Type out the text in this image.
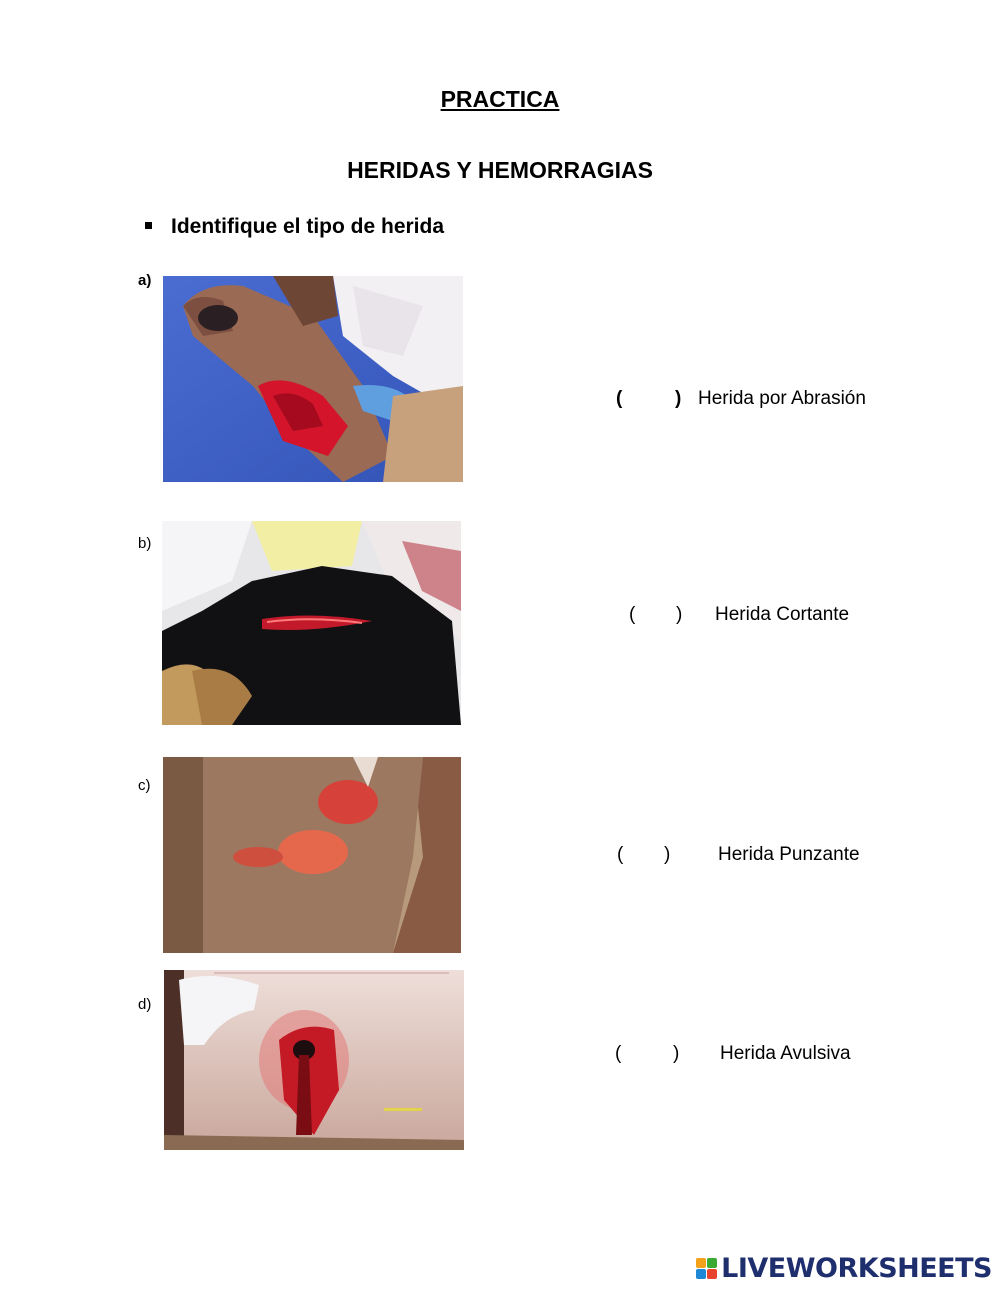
PRACTICA
HERIDAS Y HEMORRAGIAS
Identifique el tipo de herida
a)
(	) Herida por Abrasión
b)
( ) Herida Cortante
c)
( )	Herida Punzante
d)
(	) Herida Avulsiva
LIVEWORKSHEETS
